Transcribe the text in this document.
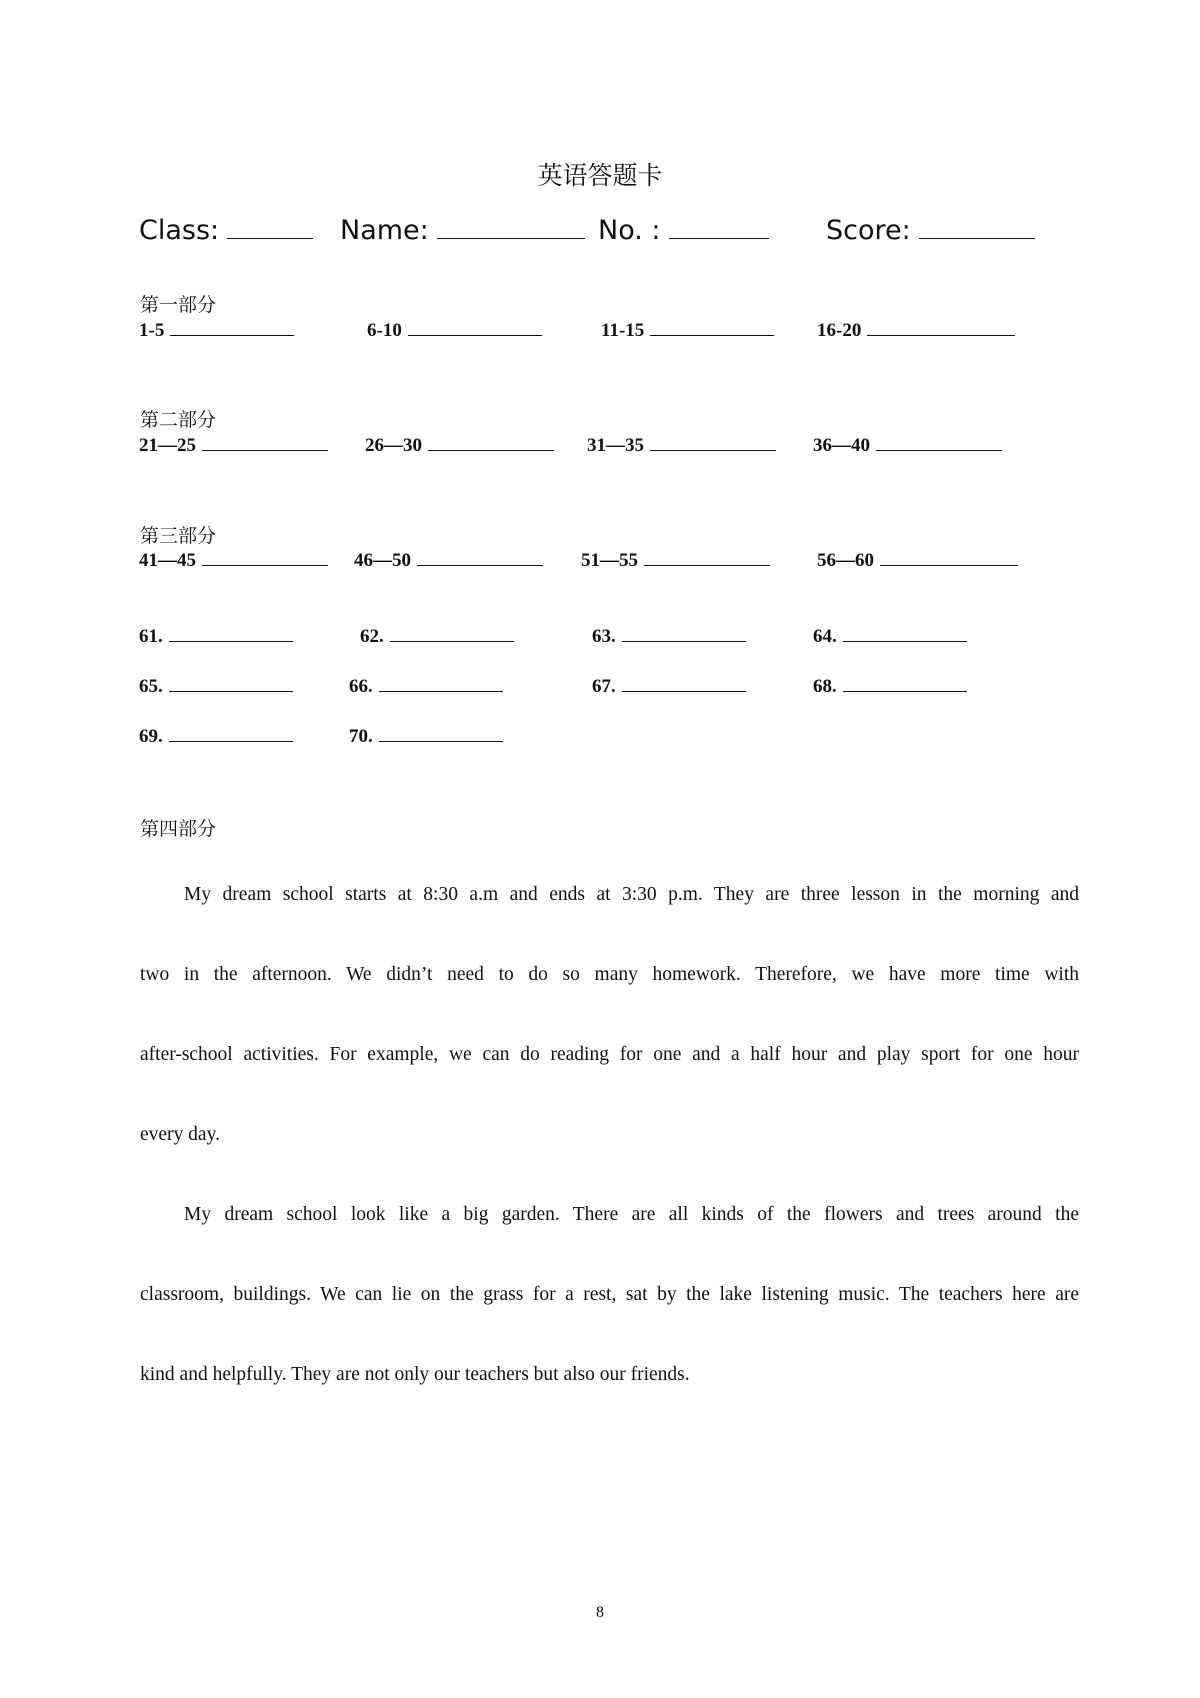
英语答题卡
Class:	Name:	No. :	Score:
第一部分
1-5	6-10	11-15	16-20
第二部分
21—25	26—30	31—35	36—40
第三部分
41—45	46—50	51—55	56—60
61.	62.	63.	64.
65.	66.	67.	68.
69.	70.
第四部分
My dream school starts at 8:30 a.m and ends at 3:30 p.m. They are three lesson in the morning and
two in the afternoon. We didn’t need to do so many homework. Therefore, we have more time with
after-school activities. For example, we can do reading for one and a half hour and play sport for one hour
every day.
My dream school look like a big garden. There are all kinds of the flowers and trees around the
classroom, buildings. We can lie on the grass for a rest, sat by the lake listening music. The teachers here are
kind and helpfully. They are not only our teachers but also our friends.
8
